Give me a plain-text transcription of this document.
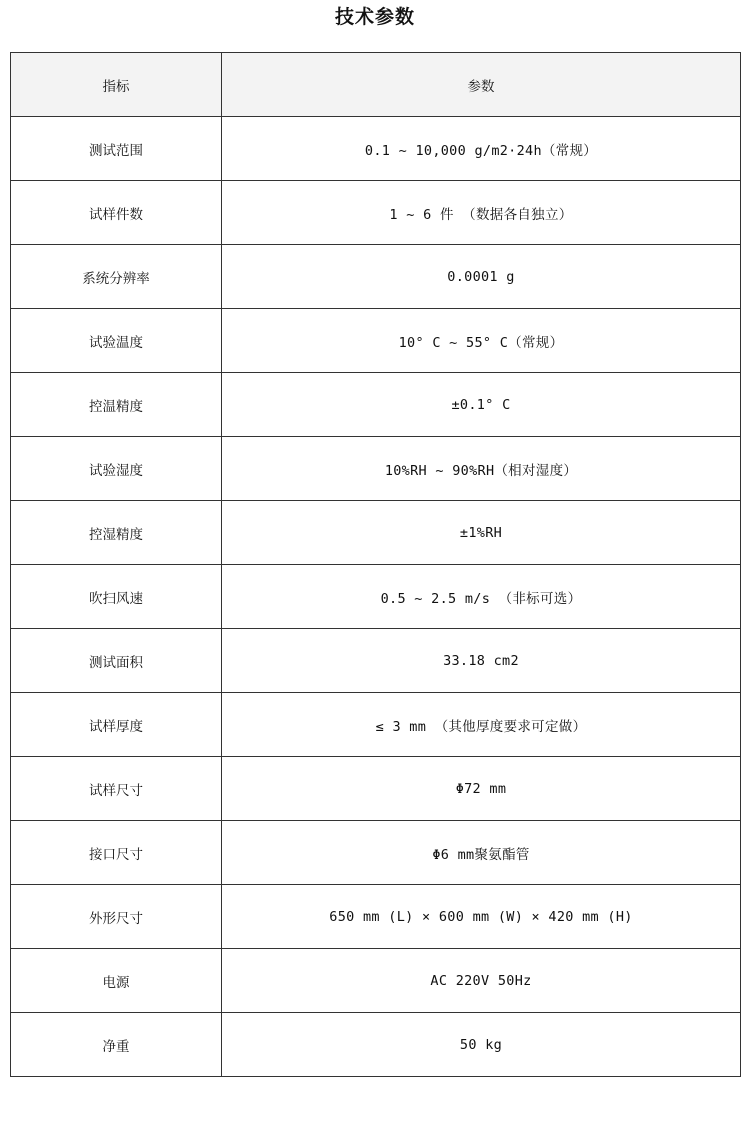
技术参数
指标	参数
测试范围	0.1 ~ 10,000 g/m2·24h（常规）
试样件数	1 ~ 6 件 （数据各自独立）
系统分辨率	0.0001 g
试验温度	10° C ~ 55° C（常规）
控温精度	±0.1° C
试验湿度	10%RH ~ 90%RH（相对湿度）
控湿精度	±1%RH
吹扫风速	0.5 ~ 2.5 m/s （非标可选）
测试面积	33.18 cm2
试样厚度	≤ 3 mm （其他厚度要求可定做）
试样尺寸	Φ72 mm
接口尺寸	Φ6 mm聚氨酯管
外形尺寸	650 mm (L) × 600 mm (W) × 420 mm (H)
电源	AC 220V 50Hz
净重	50 kg
